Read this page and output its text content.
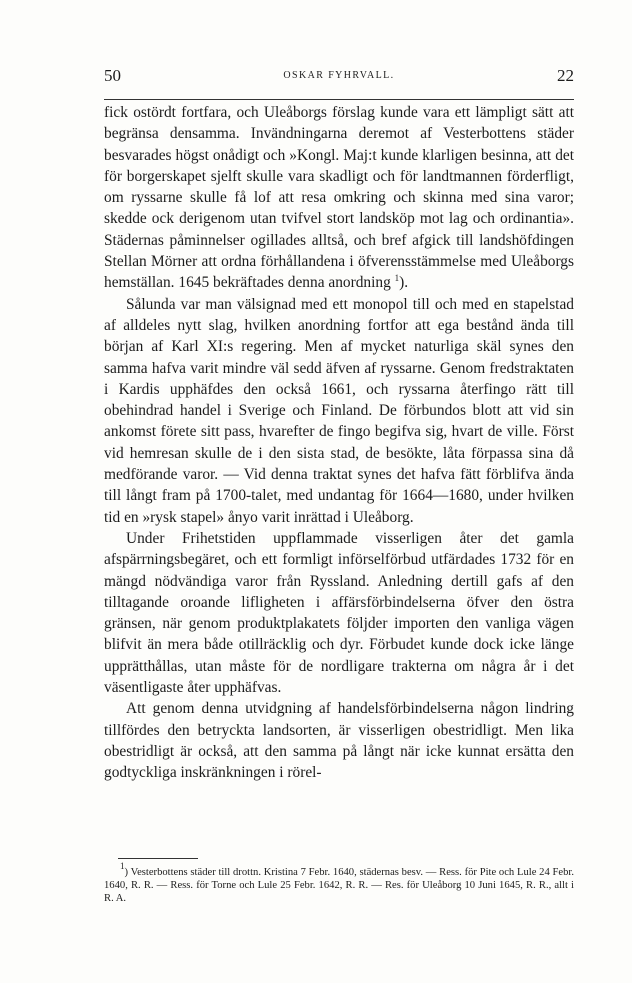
50	OSKAR FYHRVALL.	22

fick ostördt fortfara, och Uleåborgs förslag kunde vara ett lämpligt sätt att begränsa densamma. Invändningarna deremot af Vesterbottens städer besvarades högst onådigt och »Kongl. Maj:t kunde klarligen besinna, att det för borgerskapet sjelft skulle vara skadligt och för landtmannen förderfligt, om ryssarne skulle få lof att resa omkring och skinna med sina varor; skedde ock derigenom utan tvifvel stort landsköp mot lag och ordinantia». Städernas påminnelser ogillades alltså, och bref afgick till landshöfdingen Stellan Mörner att ordna förhållandena i öfverensstämmelse med Uleåborgs hemställan. 1645 bekräftades denna anordning $^1$).

Sålunda var man välsignad med ett monopol till och med en stapelstad af alldeles nytt slag, hvilken anordning fortfor att ega bestånd ända till början af Karl XI:s regering. Men af mycket naturliga skäl synes den samma hafva varit mindre väl sedd äfven af ryssarne. Genom fredstraktaten i Kardis upphäfdes den också 1661, och ryssarna återfingo rätt till obehindrad handel i Sverige och Finland. De förbundos blott att vid sin ankomst förete sitt pass, hvarefter de fingo begifva sig, hvart de ville. Först vid hemresan skulle de i den sista stad, de besökte, låta förpassa sina då medförande varor. — Vid denna traktat synes det hafva fätt förblifva ända till långt fram på 1700-talet, med undantag för 1664—1680, under hvilken tid en »rysk stapel» ånyo varit inrättad i Uleåborg.

Under Frihetstiden uppflammade visserligen åter det gamla afspärrningsbegäret, och ett formligt införselförbud utfärdades 1732 för en mängd nödvändiga varor från Ryssland. Anledning dertill gafs af den tilltagande oroande lifligheten i affärsförbindelserna öfver den östra gränsen, när genom produktplakatets följder importen den vanliga vägen blifvit än mera både otillräcklig och dyr. Förbudet kunde dock icke länge upprätthållas, utan måste för de nordligare trakterna om några år i det väsentligaste åter upphäfvas.

Att genom denna utvidgning af handelsförbindelserna någon lindring tillfördes den betryckta landsorten, är visserligen obestridligt. Men lika obestridligt är också, att den samma på långt när icke kunnat ersätta den godtyckliga inskränkningen i rörel-

$^1$) Vesterbottens städer till drottn. Kristina 7 Febr. 1640, städernas besv. — Ress. för Pite och Lule 24 Febr. 1640, R. R. — Ress. för Torne och Lule 25 Febr. 1642, R. R. — Res. för Uleåborg 10 Juni 1645, R. R., allt i R. A.
